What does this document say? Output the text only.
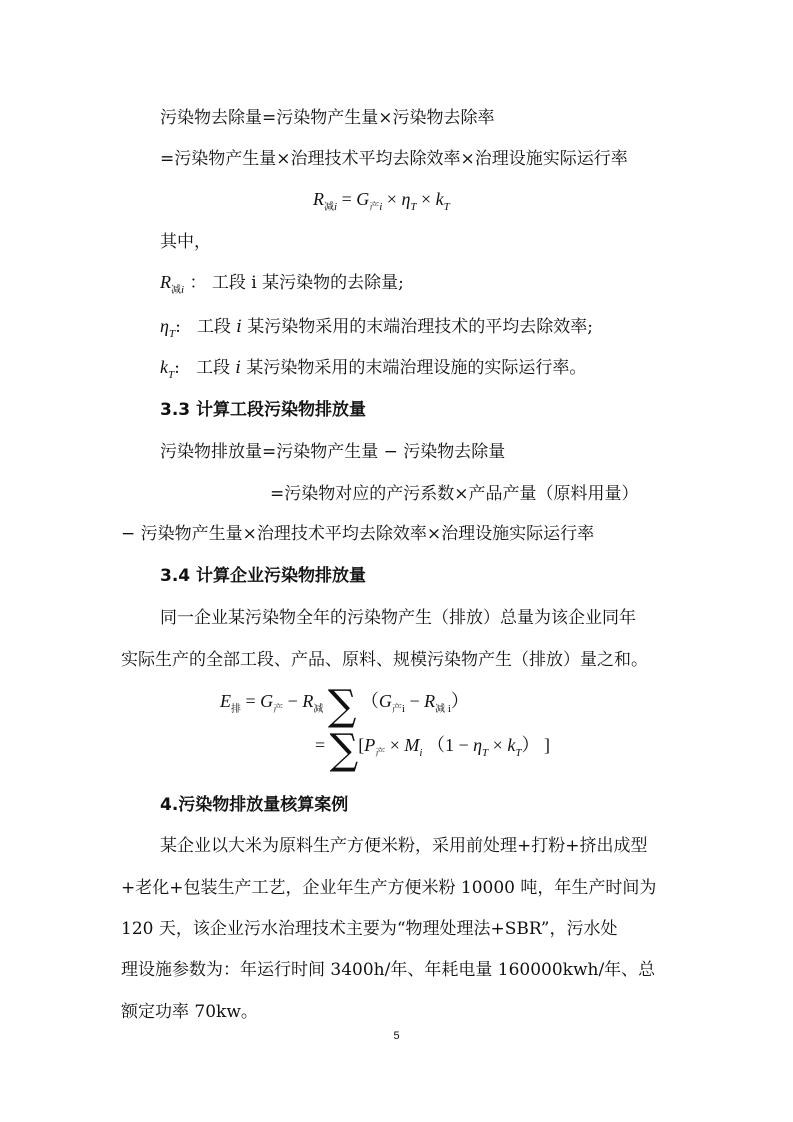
污染物去除量=污染物产生量×污染物去除率
=污染物产生量×治理技术平均去除效率×治理设施实际运行率
$R_{减i} = G_{产i} \times \eta_T \times k_T$
其中，
$R_{减i}$ ： 工段 i 某污染物的去除量;
$\eta_T$: 工段 i 某污染物采用的末端治理技术的平均去除效率;
$k_T$: 工段 i 某污染物采用的末端治理设施的实际运行率。
3.3 计算工段污染物排放量
污染物排放量=污染物产生量 − 污染物去除量
=污染物对应的产污系数×产品产量（原料用量）
− 污染物产生量×治理技术平均去除效率×治理设施实际运行率
3.4 计算企业污染物排放量
同一企业某污染物全年的污染物产生（排放）总量为该企业同年
实际生产的全部工段、产品、原料、规模污染物产生（排放）量之和。
$E_排 = G_产 - R_减$ ∑ $(G_{产i} - R_{减 i})$
= $\sum[P_产 \times M_i$ $(1 - \eta_T \times k_T)$ ]
4.污染物排放量核算案例
某企业以大米为原料生产方便米粉，采用前处理+打粉+挤出成型
+老化+包装生产工艺，企业年生产方便米粉 10000 吨，年生产时间为
120 天，该企业污水治理技术主要为“物理处理法+SBR”，污水处
理设施参数为：年运行时间 3400h/年、年耗电量 160000kwh/年、总
额定功率 70kw。
5
